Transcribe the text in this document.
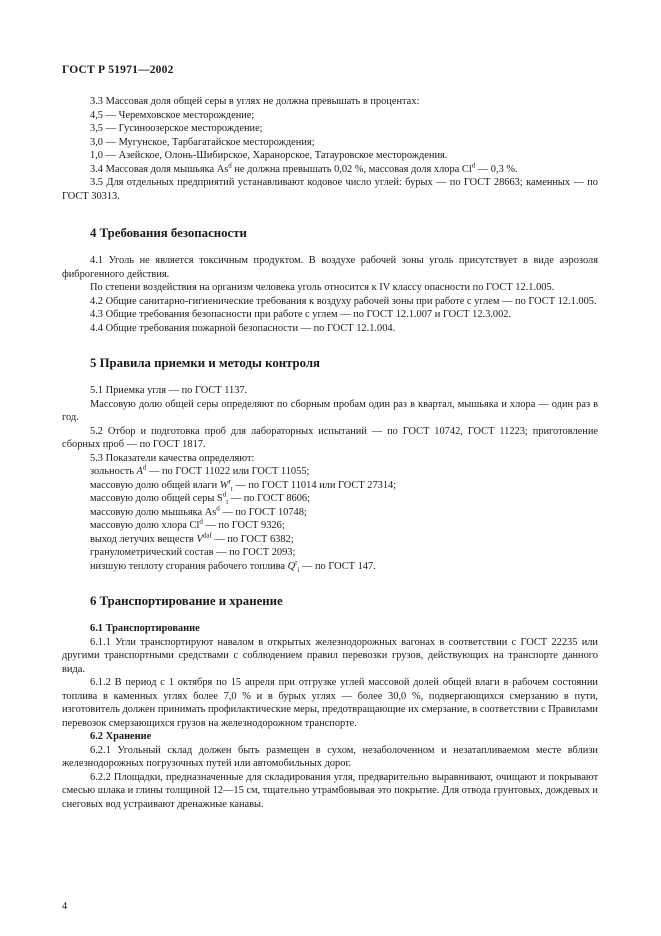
ГОСТ Р 51971—2002

3.3 Массовая доля общей серы в углях не должна превышать в процентах:

4,5 — Черемховское месторождение;

3,5 — Гусиноозерское месторождение;

3,0 — Мугунское, Тарбагатайское месторождения;

1,0 — Азейское, Олонь-Шибирское, Харанорское, Татауровское месторождения.

3.4 Массовая доля мышьяка As$^d$ не должна превышать 0,02 %, массовая доля хлора Cl$^d$ — 0,3 %.

3.5 Для отдельных предприятий устанавливают кодовое число углей: бурых — по ГОСТ 28663; каменных — по ГОСТ 30313.

4 Требования безопасности

4.1 Уголь не является токсичным продуктом. В воздухе рабочей зоны уголь присутствует в виде аэрозоля фиброгенного действия.

По степени воздействия на организм человека уголь относится к IV классу опасности по ГОСТ 12.1.005.

4.2 Общие санитарно-гигиенические требования к воздуху рабочей зоны при работе с углем — по ГОСТ 12.1.005.

4.3 Общие требования безопасности при работе с углем — по ГОСТ 12.1.007 и ГОСТ 12.3.002.

4.4 Общие требования пожарной безопасности — по ГОСТ 12.1.004.

5 Правила приемки и методы контроля

5.1 Приемка угля — по ГОСТ 1137.

Массовую долю общей серы определяют по сборным пробам один раз в квартал, мышьяка и хлора — один раз в год.

5.2 Отбор и подготовка проб для лабораторных испытаний — по ГОСТ 10742, ГОСТ 11223; приготовление сборных проб — по ГОСТ 1817.

5.3 Показатели качества определяют:

зольность $A^d$ — по ГОСТ 11022 или ГОСТ 11055;

массовую долю общей влаги $W^r_t$ — по ГОСТ 11014 или ГОСТ 27314;

массовую долю общей серы $S^d_t$ — по ГОСТ 8606;

массовую долю мышьяка As$^d$ — по ГОСТ 10748;

массовую долю хлора Cl$^d$ — по ГОСТ 9326;

выход летучих веществ $V^{daf}$ — по ГОСТ 6382;

гранулометрический состав — по ГОСТ 2093;

низшую теплоту сгорания рабочего топлива $Q^r_i$ — по ГОСТ 147.

6 Транспортирование и хранение

6.1 Транспортирование

6.1.1 Угли транспортируют навалом в открытых железнодорожных вагонах в соответствии с ГОСТ 22235 или другими транспортными средствами с соблюдением правил перевозки грузов, действующих на транспорте данного вида.

6.1.2 В период с 1 октября по 15 апреля при отгрузке углей массовой долей общей влаги в рабочем состоянии топлива в каменных углях более 7,0 % и в бурых углях — более 30,0 %, подвергающихся смерзанию в пути, изготовитель должен принимать профилактические меры, предотвращающие их смерзание, в соответствии с Правилами перевозок смерзающихся грузов на железнодорожном транспорте.

6.2 Хранение

6.2.1 Угольный склад должен быть размещен в сухом, незаболоченном и незатапливаемом месте вблизи железнодорожных погрузочных путей или автомобильных дорог.

6.2.2 Площадки, предназначенные для складирования угля, предварительно выравнивают, очищают и покрывают смесью шлака и глины толщиной 12—15 см, тщательно утрамбовывая это покрытие. Для отвода грунтовых, дождевых и снеговых вод устраивают дренажные канавы.

4
